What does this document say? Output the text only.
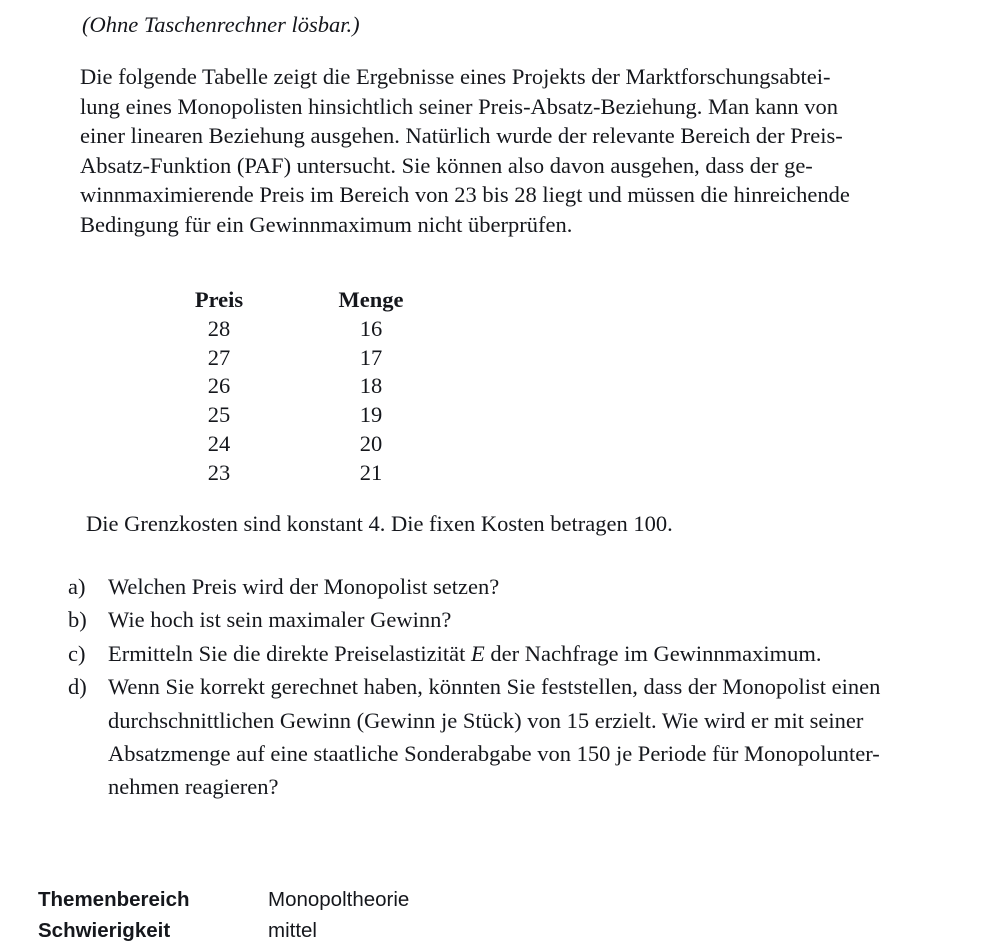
(Ohne Taschenrechner lösbar.)
Die folgende Tabelle zeigt die Ergebnisse eines Projekts der Marktforschungsabtei-
lung eines Monopolisten hinsichtlich seiner Preis-Absatz-Beziehung. Man kann von
einer linearen Beziehung ausgehen. Natürlich wurde der relevante Bereich der Preis-
Absatz-Funktion (PAF) untersucht. Sie können also davon ausgehen, dass der ge-
winnmaximierende Preis im Bereich von 23 bis 28 liegt und müssen die hinreichende
Bedingung für ein Gewinnmaximum nicht überprüfen.
Preis	Menge
28	16
27	17
26	18
25	19
24	20
23	21
Die Grenzkosten sind konstant 4. Die fixen Kosten betragen 100.
a)	Welchen Preis wird der Monopolist setzen?
b) Wie hoch ist sein maximaler Gewinn?
c)	Ermitteln Sie die direkte Preiselastizität E der Nachfrage im Gewinnmaximum.
d) Wenn Sie korrekt gerechnet haben, könnten Sie feststellen, dass der Monopolist einen
durchschnittlichen Gewinn (Gewinn je Stück) von 15 erzielt. Wie wird er mit seiner
Absatzmenge auf eine staatliche Sonderabgabe von 150 je Periode für Monopolunter-
nehmen reagieren?
Themenbereich	Monopoltheorie
Schwierigkeit	mittel
